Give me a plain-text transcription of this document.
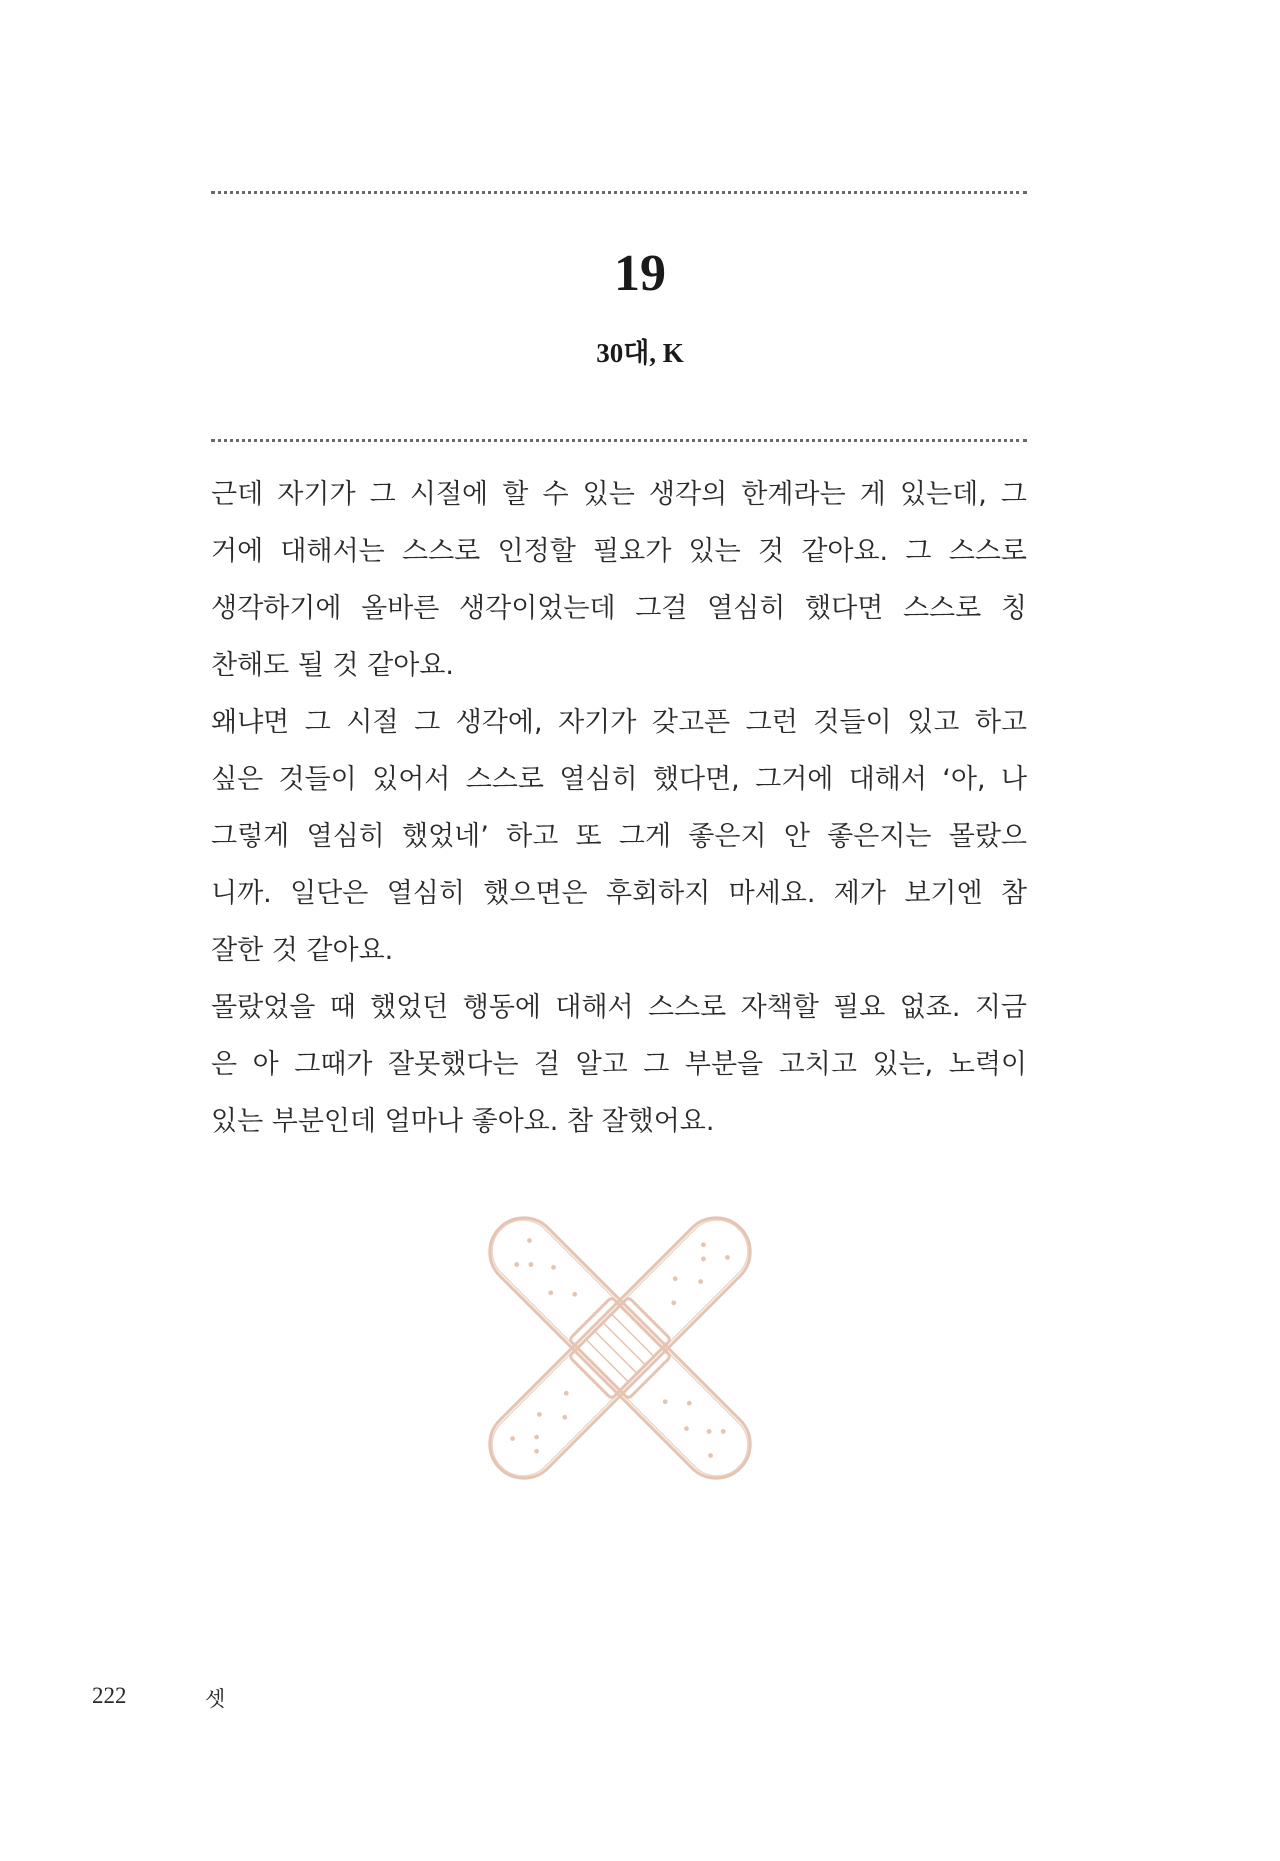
19
30대, K
근데 자기가 그 시절에 할 수 있는 생각의 한계라는 게 있는데, 그
거에 대해서는 스스로 인정할 필요가 있는 것 같아요. 그 스스로
생각하기에 올바른 생각이었는데 그걸 열심히 했다면 스스로 칭
찬해도 될 것 같아요.
왜냐면 그 시절 그 생각에, 자기가 갖고픈 그런 것들이 있고 하고
싶은 것들이 있어서 스스로 열심히 했다면, 그거에 대해서 ‘아, 나
그렇게 열심히 했었네’ 하고 또 그게 좋은지 안 좋은지는 몰랐으
니까. 일단은 열심히 했으면은 후회하지 마세요. 제가 보기엔 참
잘한 것 같아요.
몰랐었을 때 했었던 행동에 대해서 스스로 자책할 필요 없죠. 지금
은 아 그때가 잘못했다는 걸 알고 그 부분을 고치고 있는, 노력이
있는 부분인데 얼마나 좋아요. 참 잘했어요.
222	셋
